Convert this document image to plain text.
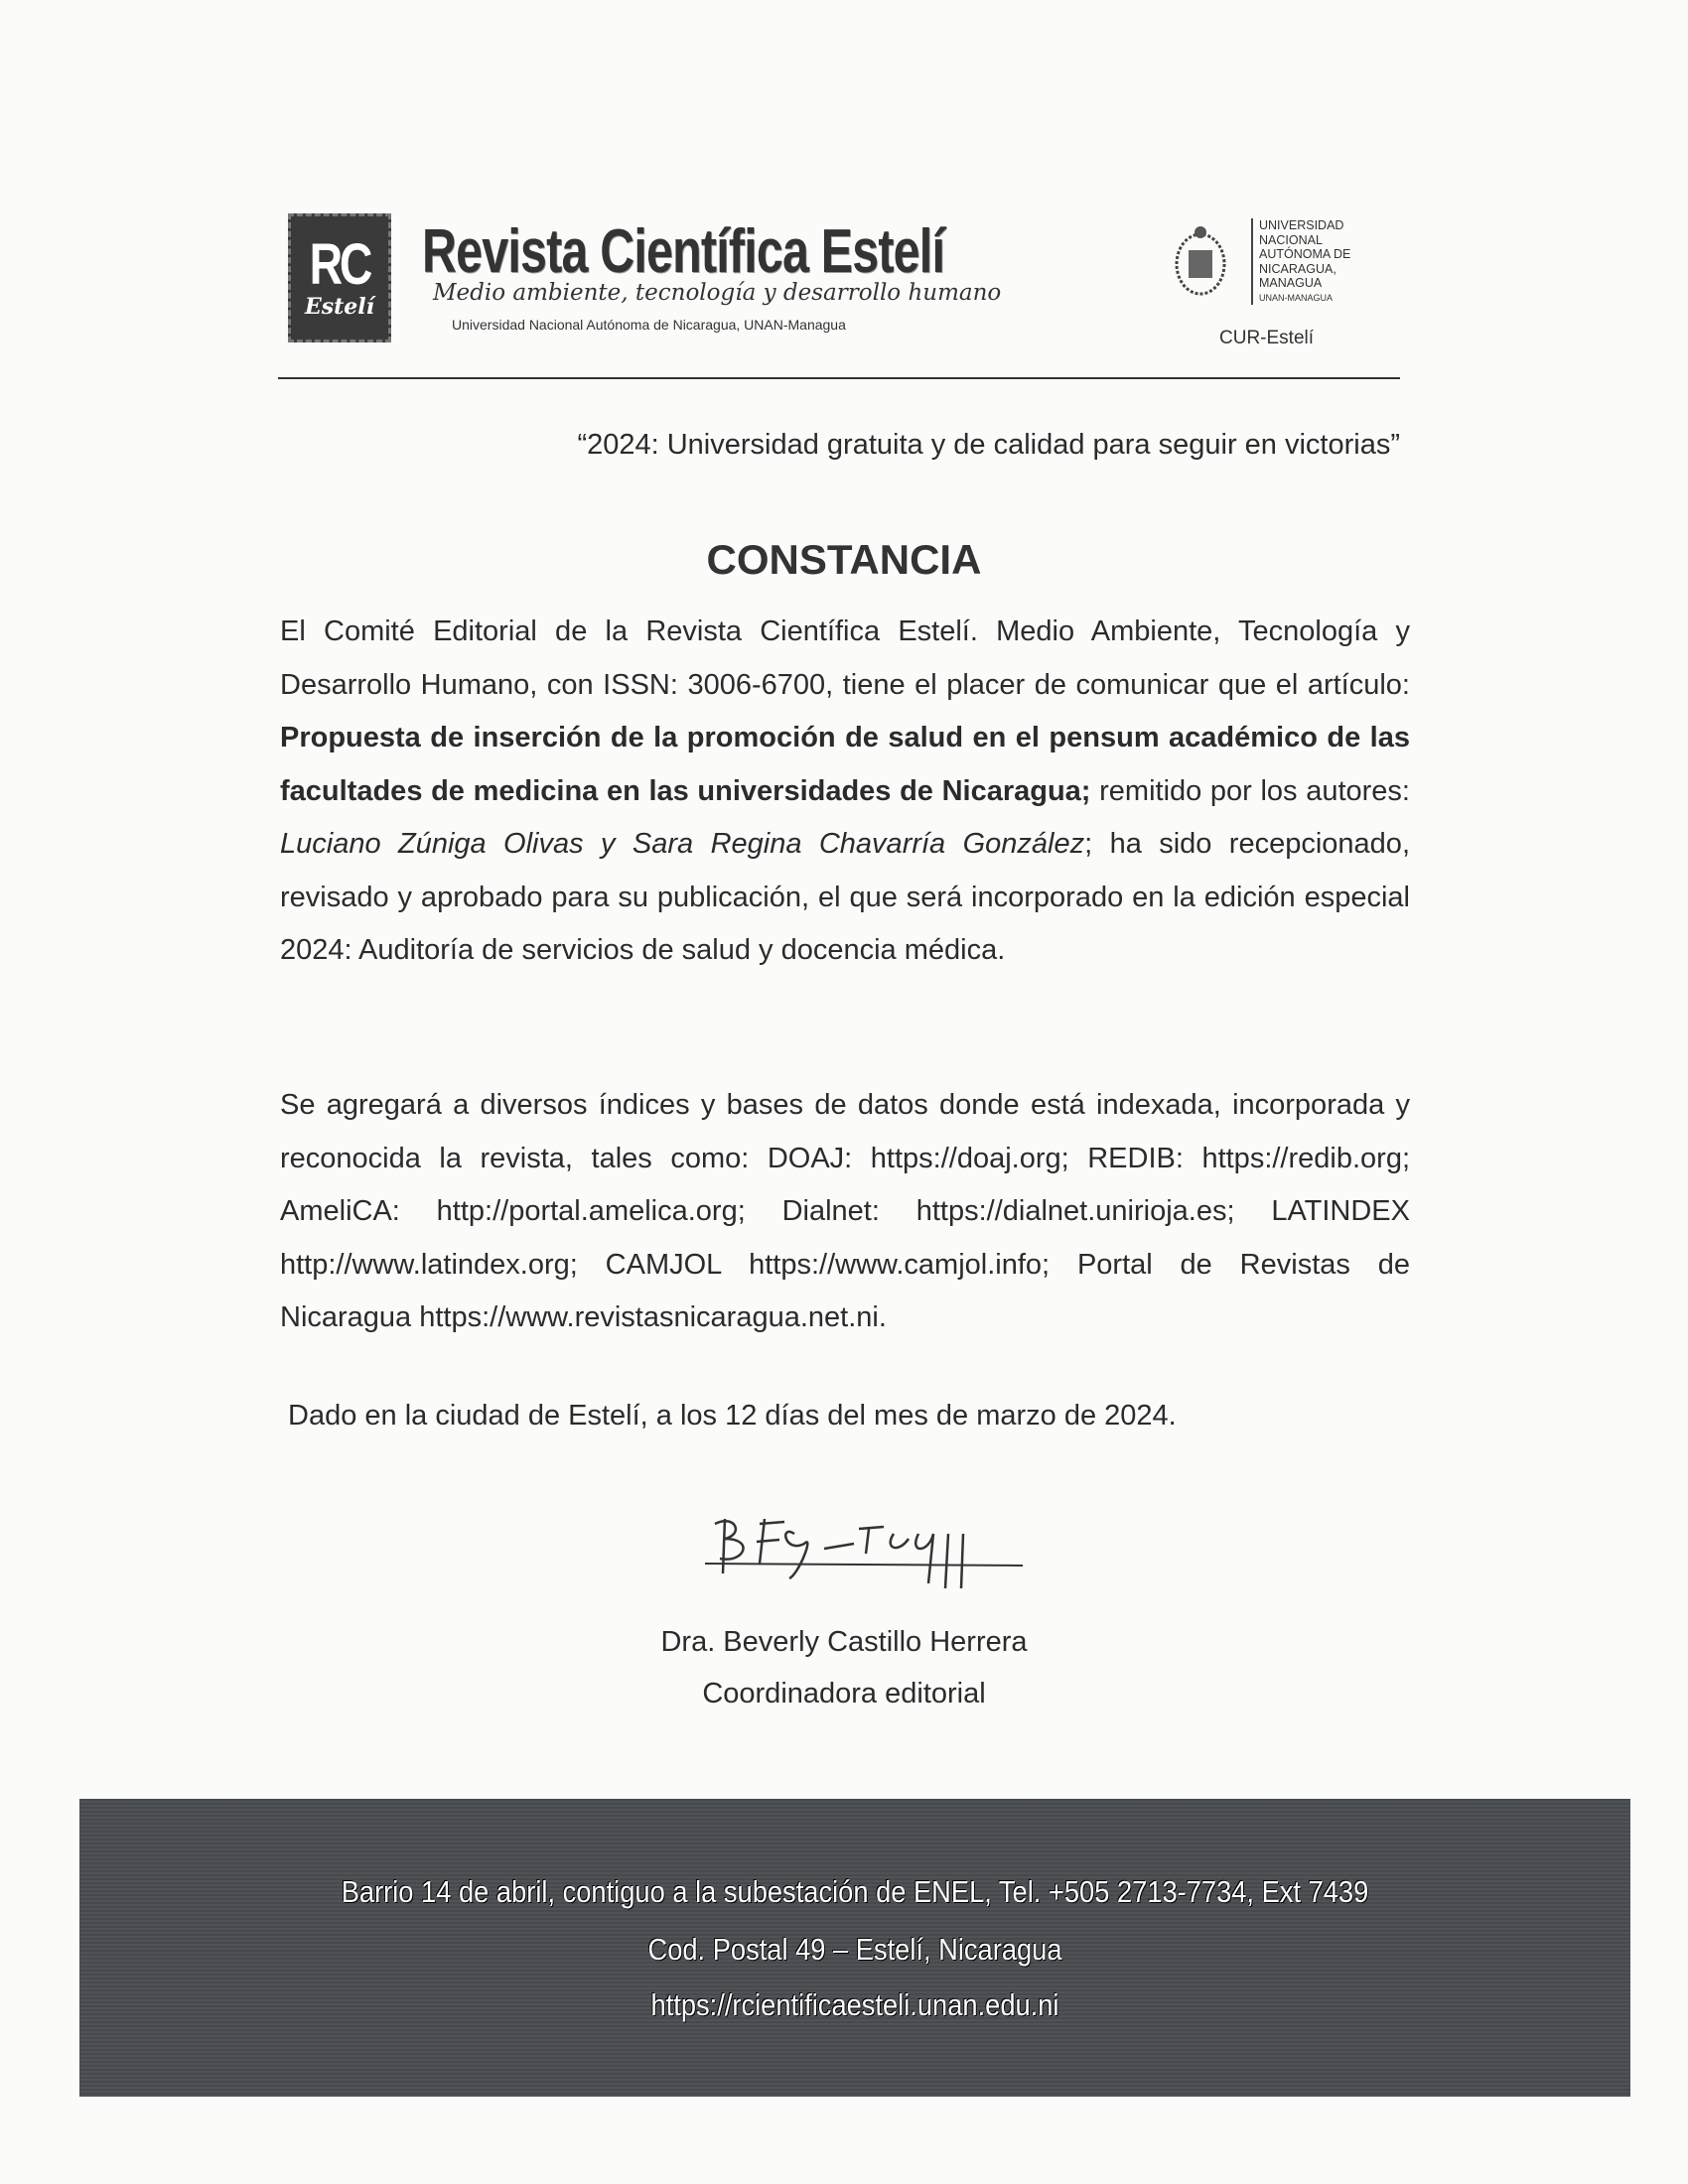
RC
Estelí
Revista Científica Estelí
Medio ambiente, tecnología y desarrollo humano
Universidad Nacional Autónoma de Nicaragua, UNAN-Managua
UNIVERSIDAD
NACIONAL
AUTÓNOMA DE
NICARAGUA,
MANAGUA
UNAN-MANAGUA
CUR-Estelí
“2024: Universidad gratuita y de calidad para seguir en victorias”
CONSTANCIA
El Comité Editorial de la Revista Científica Estelí. Medio Ambiente, Tecnología y Desarrollo Humano, con ISSN: 3006-6700, tiene el placer de comunicar que el artículo: Propuesta de inserción de la promoción de salud en el pensum académico de las facultades de medicina en las universidades de Nicaragua; remitido por los autores: Luciano Zúniga Olivas y Sara Regina Chavarría González; ha sido recepcionado, revisado y aprobado para su publicación, el que será incorporado en la edición especial 2024: Auditoría de servicios de salud y docencia médica.
Se agregará a diversos índices y bases de datos donde está indexada, incorporada y reconocida la revista, tales como: DOAJ: https://doaj.org; REDIB: https://redib.org; AmeliCA: http://portal.amelica.org; Dialnet: https://dialnet.unirioja.es; LATINDEX http://www.latindex.org; CAMJOL https://www.camjol.info; Portal de Revistas de Nicaragua https://www.revistasnicaragua.net.ni.
Dado en la ciudad de Estelí, a los 12 días del mes de marzo de 2024.
Dra. Beverly Castillo Herrera
Coordinadora editorial
Barrio 14 de abril, contiguo a la subestación de ENEL, Tel. +505 2713-7734, Ext 7439
Cod. Postal 49 – Estelí, Nicaragua
https://rcientificaesteli.unan.edu.ni
